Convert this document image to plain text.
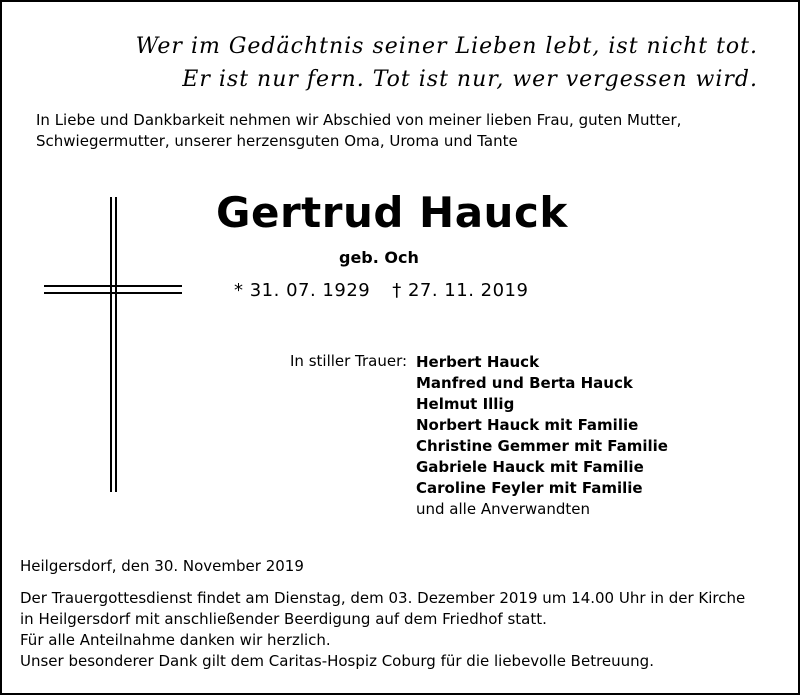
Wer im Gedächtnis seiner Lieben lebt, ist nicht tot.
Er ist nur fern. Tot ist nur, wer vergessen wird.
In Liebe und Dankbarkeit nehmen wir Abschied von meiner lieben Frau, guten Mutter,
Schwiegermutter, unserer herzensguten Oma, Uroma und Tante
Gertrud Hauck
geb. Och
* 31. 07. 1929 † 27. 11. 2019
In stiller Trauer: Herbert Hauck
Manfred und Berta Hauck
Helmut Illig
Norbert Hauck mit Familie
Christine Gemmer mit Familie
Gabriele Hauck mit Familie
Caroline Feyler mit Familie
und alle Anverwandten
Heilgersdorf, den 30. November 2019
Der Trauergottesdienst findet am Dienstag, dem 03. Dezember 2019 um 14.00 Uhr in der Kirche
in Heilgersdorf mit anschließender Beerdigung auf dem Friedhof statt.
Für alle Anteilnahme danken wir herzlich.
Unser besonderer Dank gilt dem Caritas-Hospiz Coburg für die liebevolle Betreuung.
